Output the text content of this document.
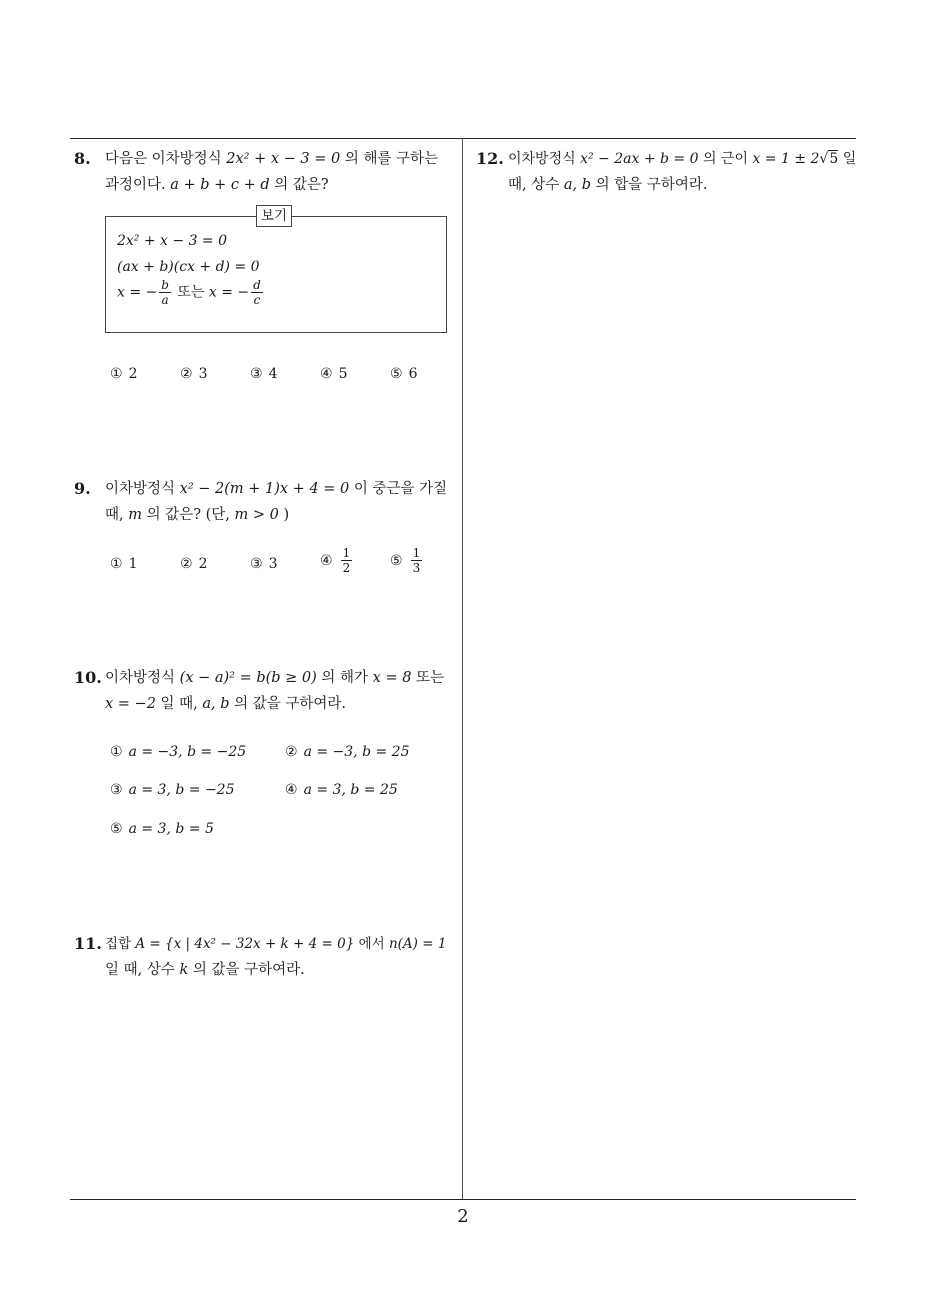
8. 다음은 이차방정식 2x² + x − 3 = 0 의 해를 구하는
과정이다. a + b + c + d 의 값은?
보기
2x² + x − 3 = 0
(ax + b)(cx + d) = 0
x = − $\frac{b}{a}$ 또는 x = − $\frac{d}{c}$
① 2	② 3	③ 4	④ 5	⑤ 6
9. 이차방정식 x² − 2(m + 1)x + 4 = 0 이 중근을 가질
때, m 의 값은? (단, m > 0 )
① 1	② 2	③ 3	④ $\frac{1}{2}$	⑤ $\frac{1}{3}$
10. 이차방정식 (x − a)² = b(b ≥ 0) 의 해가 x = 8 또는
x = −2 일 때, a, b 의 값을 구하여라.
① a = −3, b = −25	② a = −3, b = 25
③ a = 3, b = −25	④ a = 3, b = 25
⑤ a = 3, b = 5
11. 집합 A = {x | 4x² − 32x + k + 4 = 0} 에서 n(A) = 1
일 때, 상수 k 의 값을 구하여라.
12. 이차방정식 x² − 2ax + b = 0 의 근이 x = 1 ± 2√5 일
때, 상수 a, b 의 합을 구하여라.
2
